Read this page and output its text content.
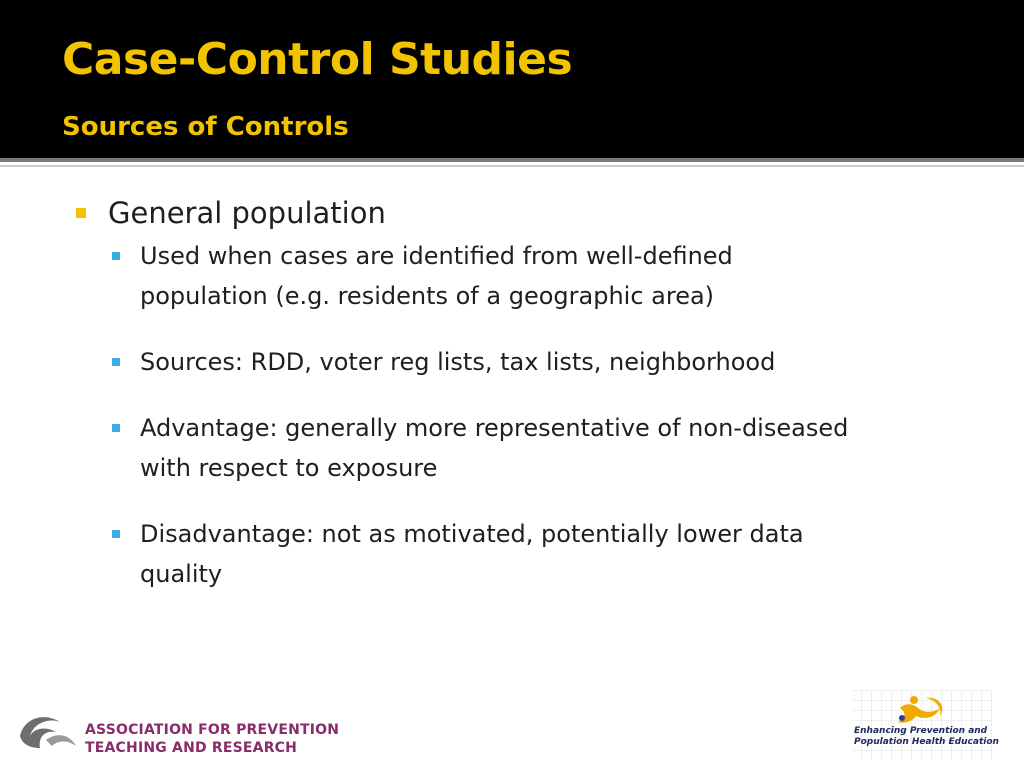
Case-Control Studies
Sources of Controls
General population
Used when cases are identified from well-defined
population (e.g. residents of a geographic area)
Sources: RDD, voter reg lists, tax lists, neighborhood
Advantage: generally more representative of non-diseased
with respect to exposure
Disadvantage: not as motivated, potentially lower data
quality
ASSOCIATION FOR PREVENTION
TEACHING AND RESEARCH
Enhancing Prevention and
Population Health Education
